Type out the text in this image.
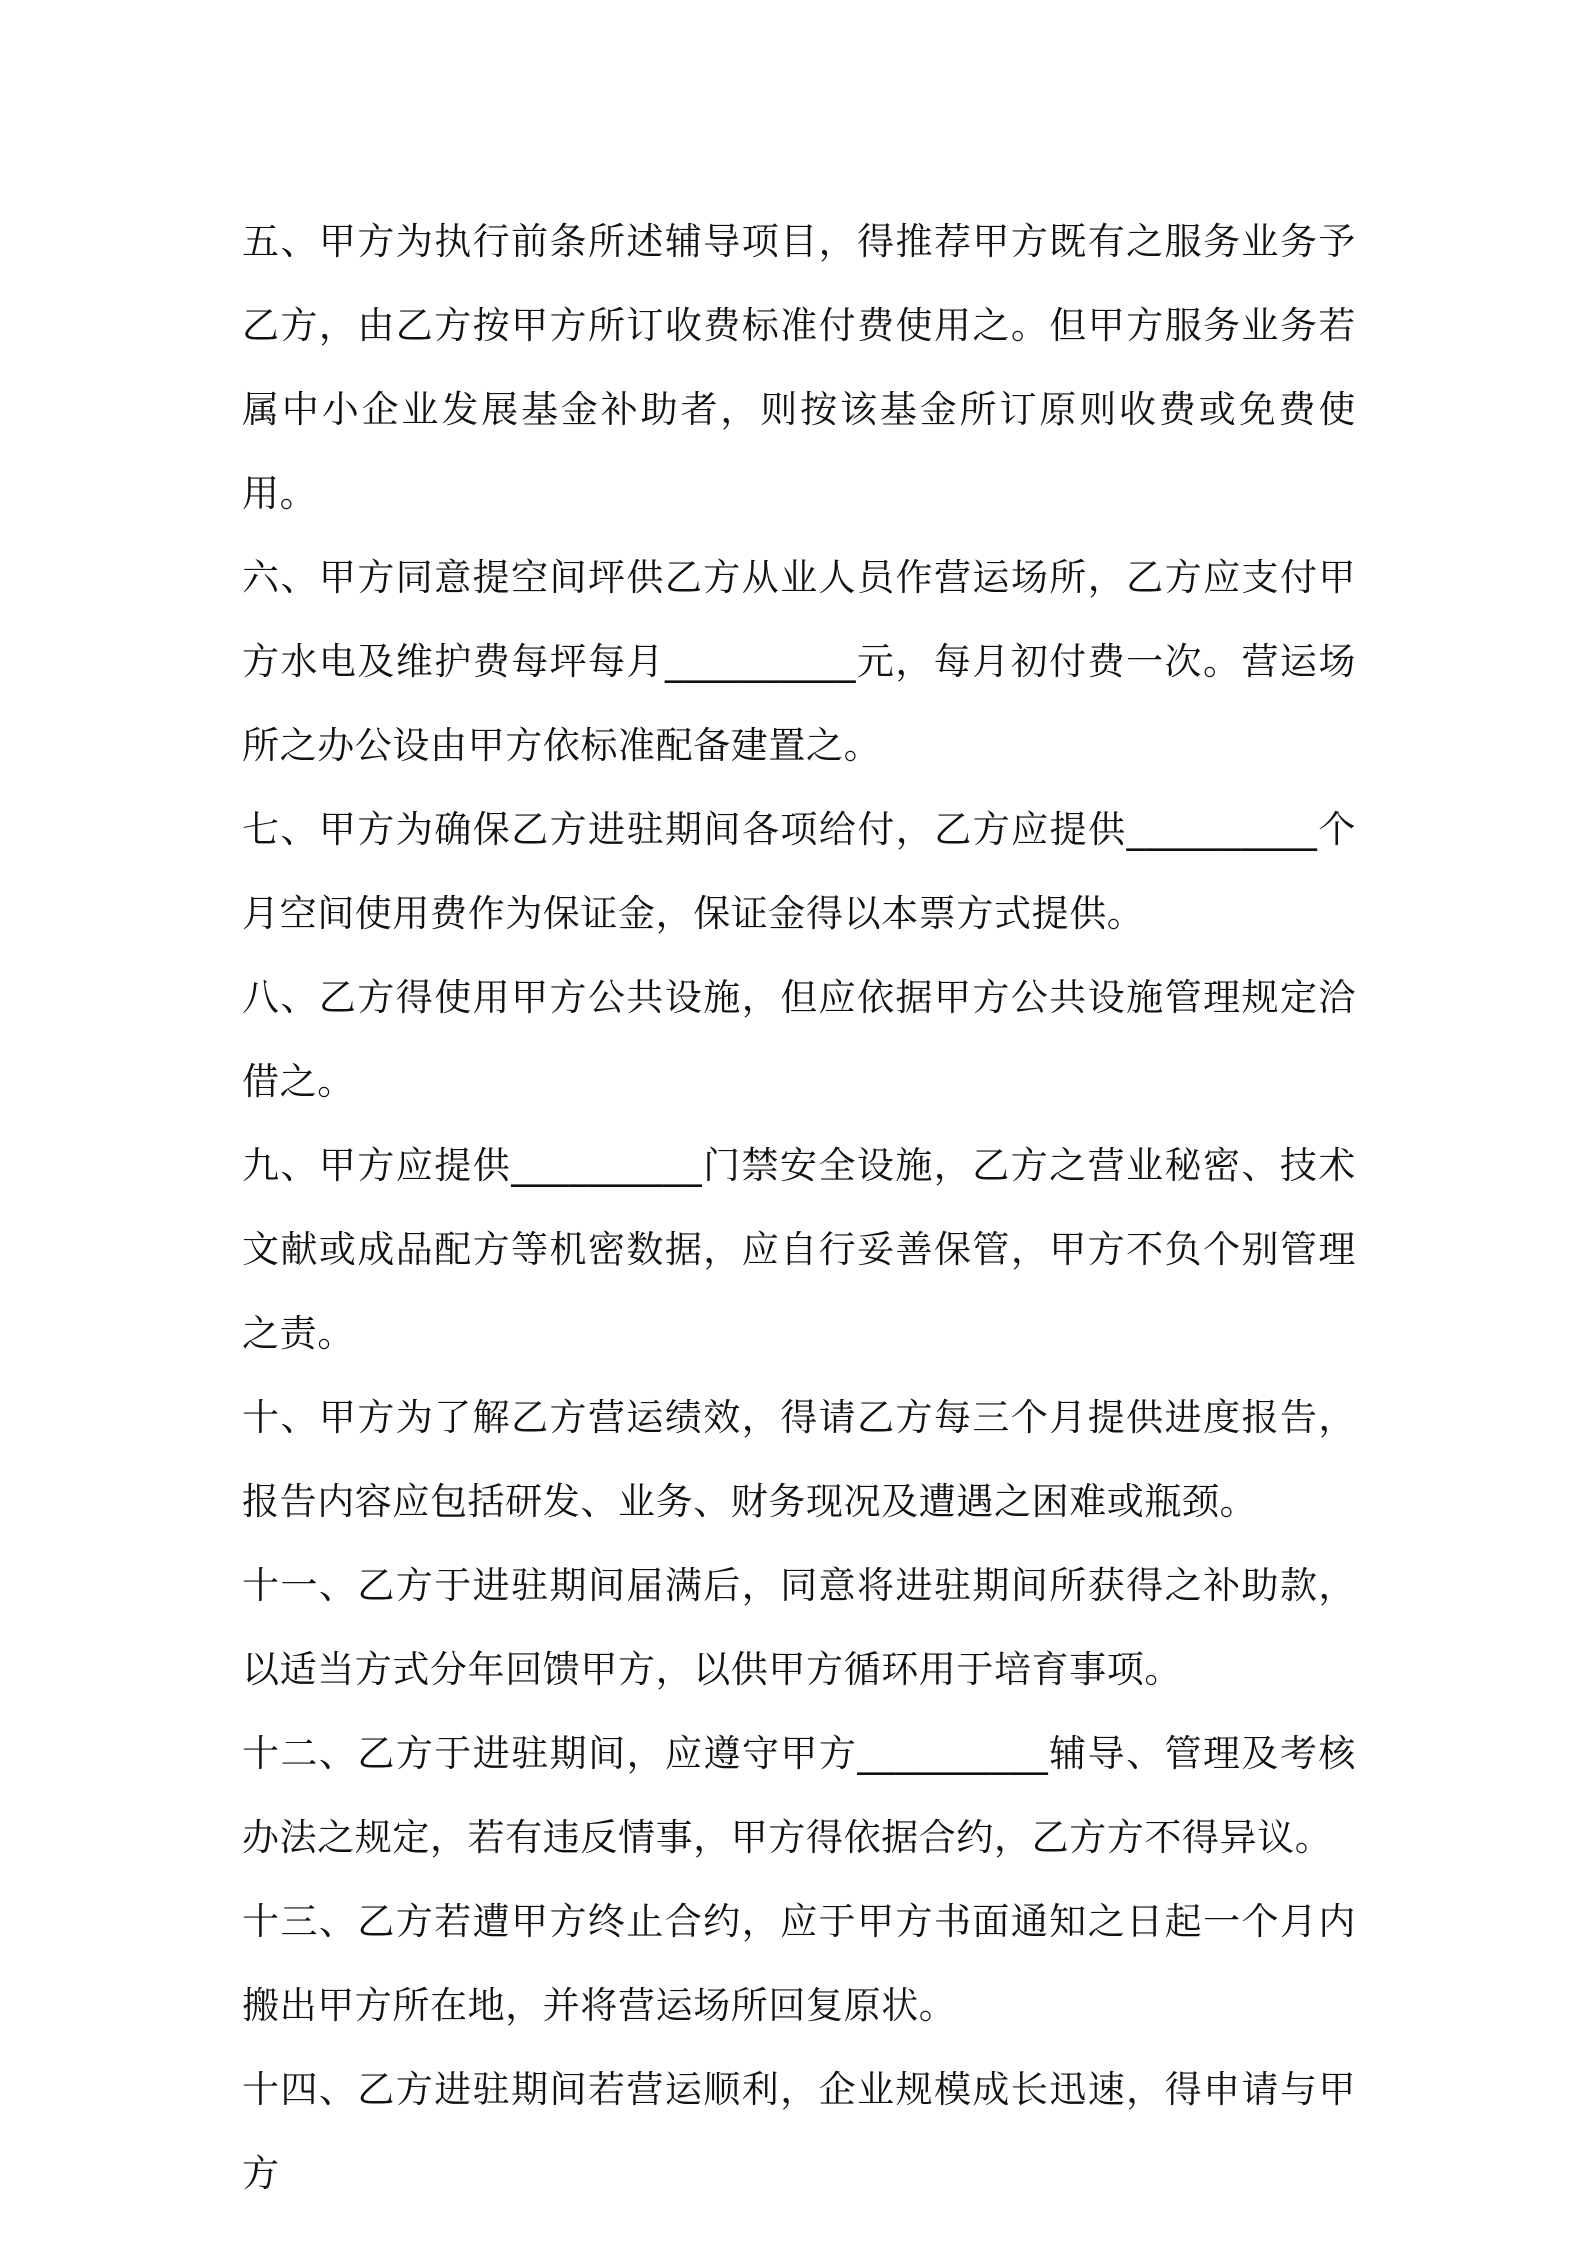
五、甲方为执行前条所述辅导项目，得推荐甲方既有之服务业务予乙方，由乙方按甲方所订收费标准付费使用之。但甲方服务业务若属中小企业发展基金补助者，则按该基金所订原则收费或免费使用。

六、甲方同意提空间坪供乙方从业人员作营运场所，乙方应支付甲方水电及维护费每坪每月__________元，每月初付费一次。营运场所之办公设由甲方依标准配备建置之。

七、甲方为确保乙方进驻期间各项给付，乙方应提供__________个月空间使用费作为保证金，保证金得以本票方式提供。

八、乙方得使用甲方公共设施，但应依据甲方公共设施管理规定洽借之。

九、甲方应提供__________门禁安全设施，乙方之营业秘密、技术文献或成品配方等机密数据，应自行妥善保管，甲方不负个别管理之责。

十、甲方为了解乙方营运绩效，得请乙方每三个月提供进度报告，报告内容应包括研发、业务、财务现况及遭遇之困难或瓶颈。

十一、乙方于进驻期间届满后，同意将进驻期间所获得之补助款，以适当方式分年回馈甲方，以供甲方循环用于培育事项。

十二、乙方于进驻期间，应遵守甲方__________辅导、管理及考核办法之规定，若有违反情事，甲方得依据合约，乙方方不得异议。

十三、乙方若遭甲方终止合约，应于甲方书面通知之日起一个月内搬出甲方所在地，并将营运场所回复原状。

十四、乙方进驻期间若营运顺利，企业规模成长迅速，得申请与甲方
